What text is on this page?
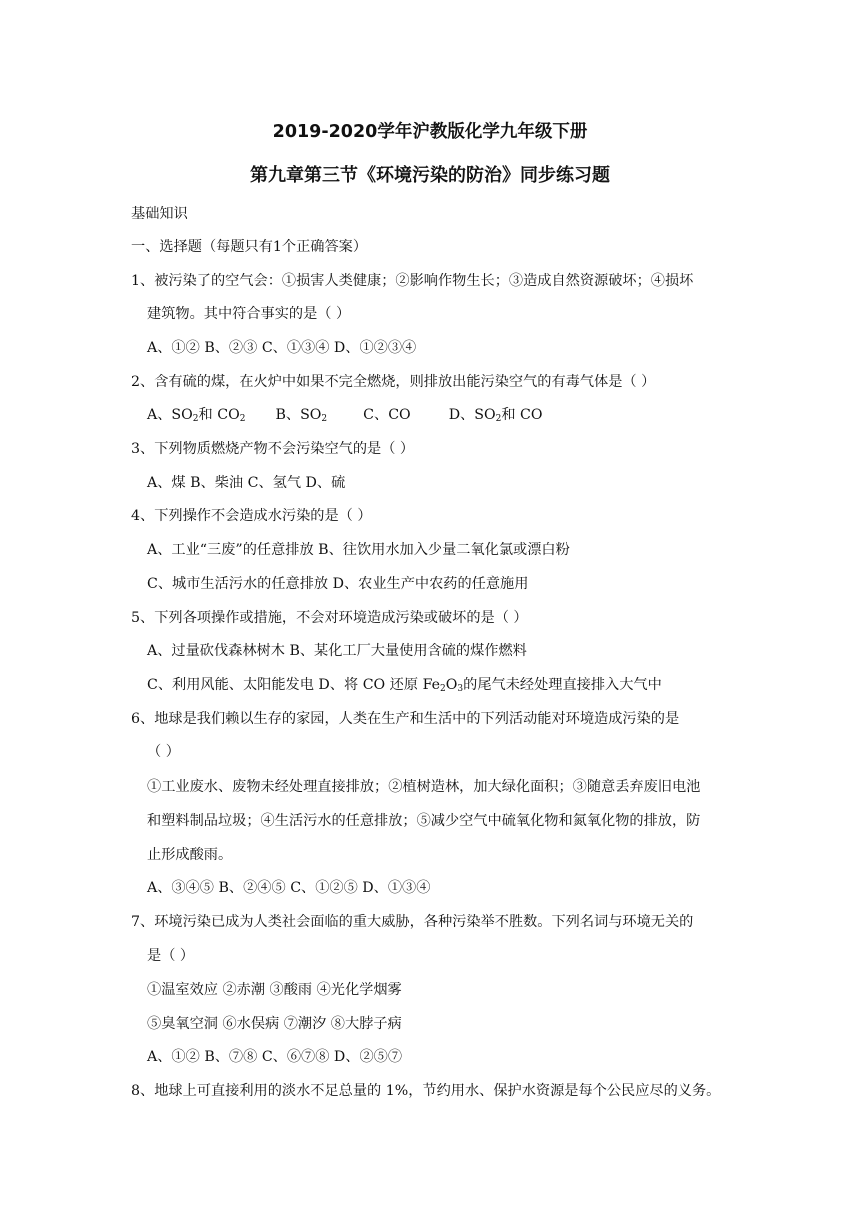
2019-2020学年沪教版化学九年级下册
第九章第三节《环境污染的防治》同步练习题
基础知识
一、选择题（每题只有1个正确答案）
1、被污染了的空气会：①损害人类健康；②影响作物生长；③造成自然资源破坏；④损坏
建筑物。其中符合事实的是（ ）
A、①② B、②③ C、①③④ D、①②③④
2、含有硫的煤，在火炉中如果不完全燃烧，则排放出能污染空气的有毒气体是（ ）
A、$SO_2$和 $CO_2$ B、$SO_2$	C、CO	D、$SO_2$和 CO
3、下列物质燃烧产物不会污染空气的是（ ）
A、煤 B、柴油 C、氢气 D、硫
4、下列操作不会造成水污染的是（ ）
A、工业“三废”的任意排放 B、往饮用水加入少量二氧化氯或漂白粉
C、城市生活污水的任意排放 D、农业生产中农药的任意施用
5、下列各项操作或措施，不会对环境造成污染或破坏的是（ ）
A、过量砍伐森林树木 B、某化工厂大量使用含硫的煤作燃料
C、利用风能、太阳能发电 D、将 CO 还原 $Fe_2O_3$的尾气未经处理直接排入大气中
6、地球是我们赖以生存的家园，人类在生产和生活中的下列活动能对环境造成污染的是
（ ）
①工业废水、废物未经处理直接排放；②植树造林，加大绿化面积；③随意丢弃废旧电池
和塑料制品垃圾；④生活污水的任意排放；⑤减少空气中硫氧化物和氮氧化物的排放，防
止形成酸雨。
A、③④⑤ B、②④⑤ C、①②⑤ D、①③④
7、环境污染已成为人类社会面临的重大威胁，各种污染举不胜数。下列名词与环境无关的
是（ ）
①温室效应 ②赤潮 ③酸雨 ④光化学烟雾
⑤臭氧空洞 ⑥水俣病 ⑦潮汐 ⑧大脖子病
A、①② B、⑦⑧ C、⑥⑦⑧ D、②⑤⑦
8、地球上可直接利用的淡水不足总量的 1%，节约用水、保护水资源是每个公民应尽的义务。
